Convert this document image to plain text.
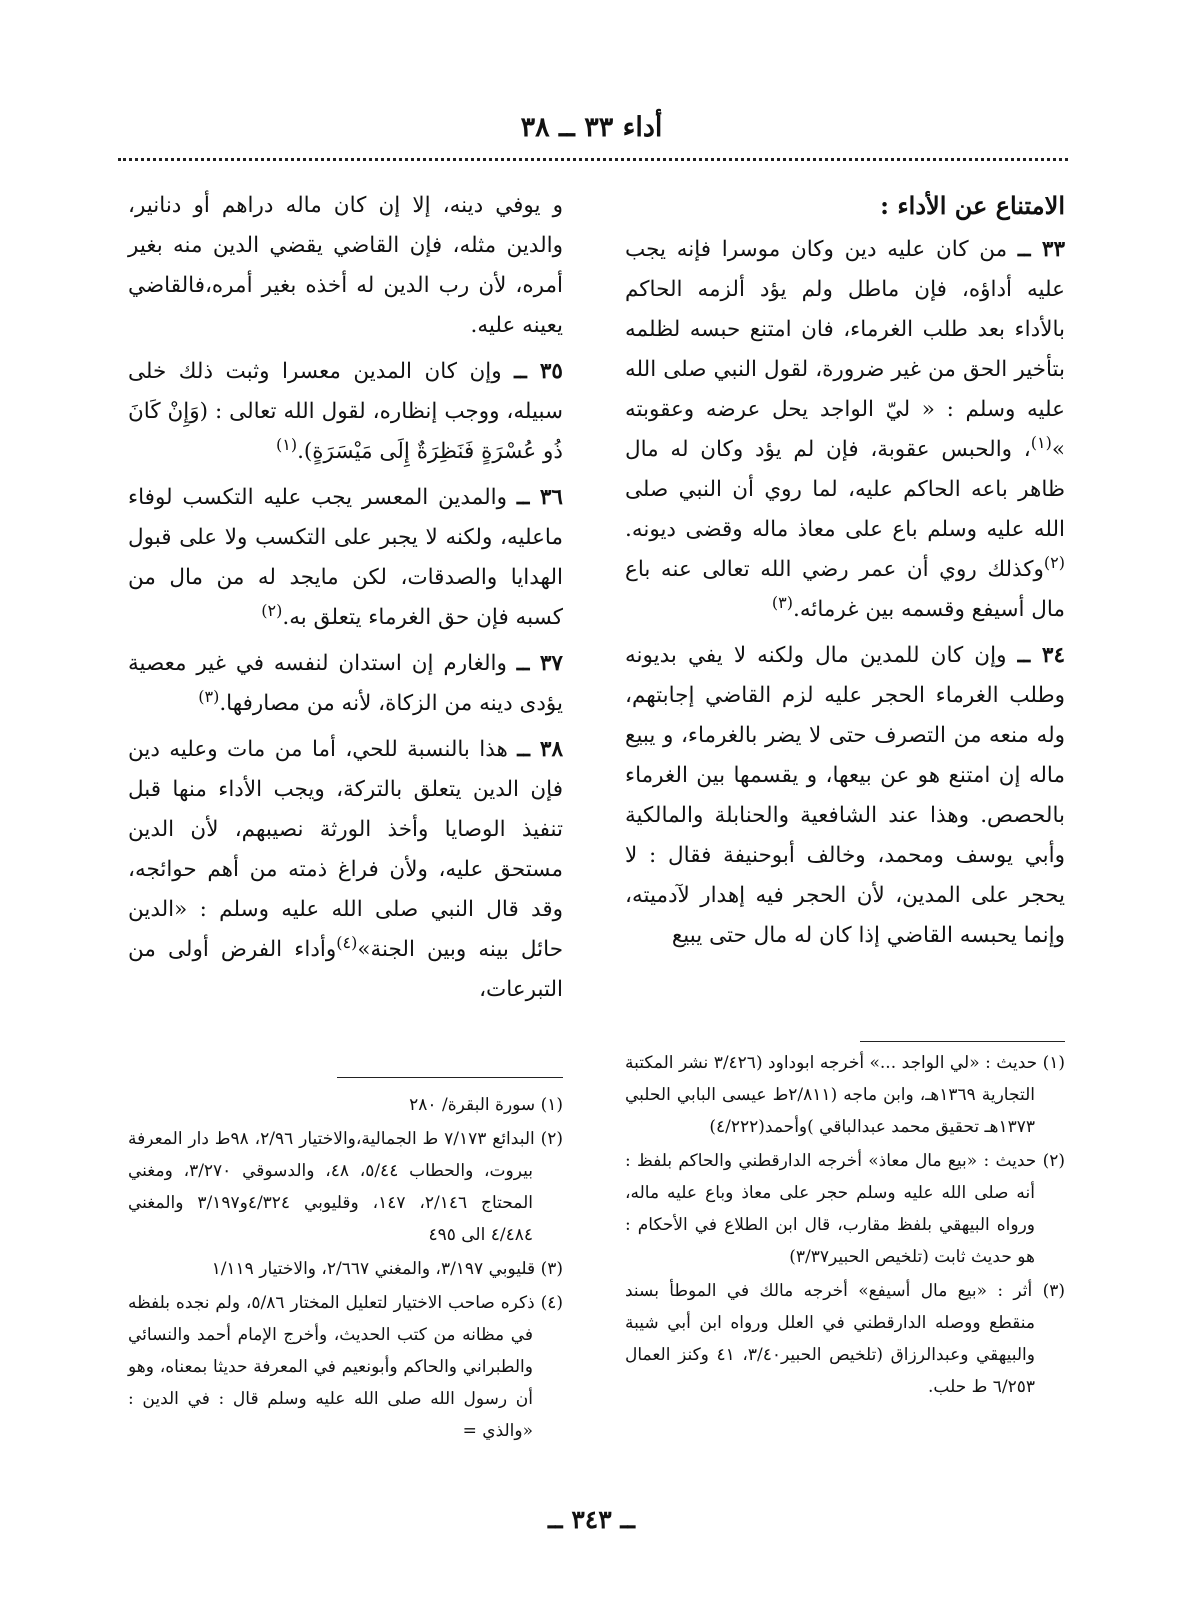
أداء ٣٣ ــ ٣٨
الامتناع عن الأداء :

٣٣ ــ من كان عليه دين وكان موسرا فإنه يجب عليه أداؤه، فإن ماطل ولم يؤد ألزمه الحاكم بالأداء بعد طلب الغرماء، فان امتنع حبسه لظلمه بتأخير الحق من غير ضرورة، لقول النبي صلى الله عليه وسلم : « ليّ الواجد يحل عرضه وعقوبته »$^{(١)}$، والحبس عقوبة، فإن لم يؤد وكان له مال ظاهر باعه الحاكم عليه، لما روي أن النبي صلى الله عليه وسلم باع على معاذ ماله وقضى ديونه.$^{(٢)}$وكذلك روي أن عمر رضي الله تعالى عنه باع مال أسيفع وقسمه بين غرمائه.$^{(٣)}$

٣٤ ــ وإن كان للمدين مال ولكنه لا يفي بديونه وطلب الغرماء الحجر عليه لزم القاضي إجابتهم، وله منعه من التصرف حتى لا يضر بالغرماء، و يبيع ماله إن امتنع هو عن بيعها، و يقسمها بين الغرماء بالحصص. وهذا عند الشافعية والحنابلة والمالكية وأبي يوسف ومحمد، وخالف أبوحنيفة فقال : لا يحجر على المدين، لأن الحجر فيه إهدار لآدميته، وإنما يحبسه القاضي إذا كان له مال حتى يبيع

و يوفي دينه، إلا إن كان ماله دراهم أو دنانير، والدين مثله، فإن القاضي يقضي الدين منه بغير أمره، لأن رب الدين له أخذه بغير أمره،فالقاضي يعينه عليه.

٣٥ ــ وإن كان المدين معسرا وثبت ذلك خلى سبيله، ووجب إنظاره، لقول الله تعالى : (وَإِنْ كَانَ ذُو عُسْرَةٍ فَنَظِرَةٌ إِلَى مَيْسَرَةٍ).$^{(١)}$

٣٦ ــ والمدين المعسر يجب عليه التكسب لوفاء ماعليه، ولكنه لا يجبر على التكسب ولا على قبول الهدايا والصدقات، لكن مايجد له من مال من كسبه فإن حق الغرماء يتعلق به.$^{(٢)}$

٣٧ ــ والغارم إن استدان لنفسه في غير معصية يؤدى دينه من الزكاة، لأنه من مصارفها.$^{(٣)}$

٣٨ ــ هذا بالنسبة للحي، أما من مات وعليه دين فإن الدين يتعلق بالتركة، ويجب الأداء منها قبل تنفيذ الوصايا وأخذ الورثة نصيبهم، لأن الدين مستحق عليه، ولأن فراغ ذمته من أهم حوائجه، وقد قال النبي صلى الله عليه وسلم : «الدين حائل بينه وبين الجنة»$^{(٤)}$وأداء الفرض أولى من التبرعات،

(١) حديث : «لي الواجد ...» أخرجه ابوداود (٣/٤٢٦ نشر المكتبة التجارية ١٣٦٩هـ، وابن ماجه (٢/٨١١ط عيسى البابي الحلبي ١٣٧٣هـ تحقيق محمد عبدالباقي )وأحمد(٤/٢٢٢)

(٢) حديث : «بيع مال معاذ» أخرجه الدارقطني والحاكم بلفظ : أنه صلى الله عليه وسلم حجر على معاذ وباع عليه ماله، ورواه البيهقي بلفظ مقارب، قال ابن الطلاع في الأحكام : هو حديث ثابت (تلخيص الحبير٣/٣٧)

(٣) أثر : «بيع مال أسيفع» أخرجه مالك في الموطأ بسند منقطع ووصله الدارقطني في العلل ورواه ابن أبي شيبة والبيهقي وعبدالرزاق (تلخيص الحبير٣/٤٠، ٤١ وكنز العمال ٦/٢٥٣ ط حلب.

(١) سورة البقرة/ ٢٨٠

(٢) البدائع ٧/١٧٣ ط الجمالية،والاختيار ٢/٩٦، ٩٨ط دار المعرفة بيروت، والحطاب ٥/٤٤، ٤٨، والدسوقي ٣/٢٧٠، ومغني المحتاج ٢/١٤٦، ١٤٧، وقليوبي ٤/٣٢٤و٣/١٩٧ والمغني ٤/٤٨٤ الى ٤٩٥

(٣) قليوبي ٣/١٩٧، والمغني ٢/٦٦٧، والاختيار ١/١١٩

(٤) ذكره صاحب الاختيار لتعليل المختار ٥/٨٦، ولم نجده بلفظه في مظانه من كتب الحديث، وأخرج الإمام أحمد والنسائي والطبراني والحاكم وأبونعيم في المعرفة حديثا بمعناه، وهو أن رسول الله صلى الله عليه وسلم قال : في الدين : «والذي =

ــ ٣٤٣ ــ
